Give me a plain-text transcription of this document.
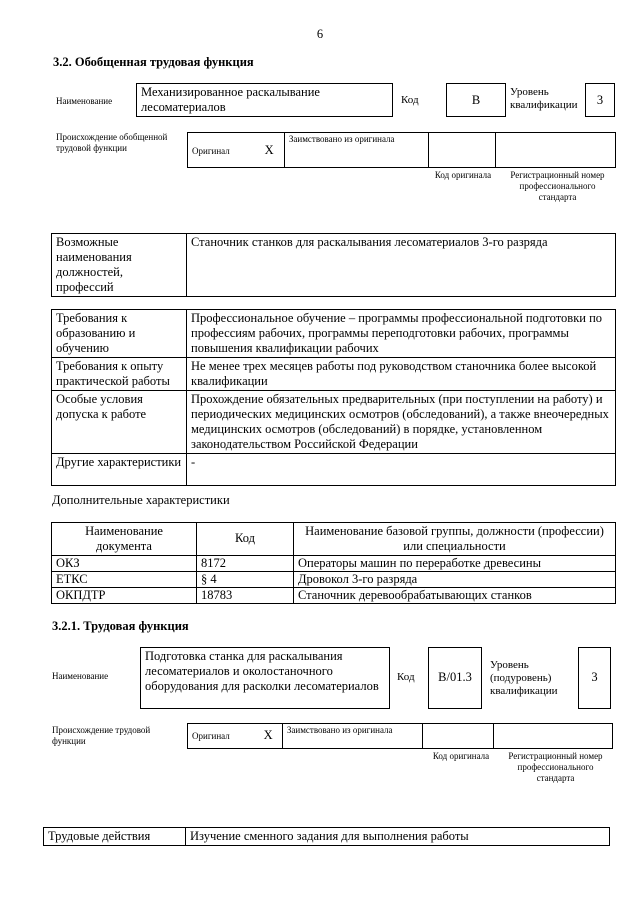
6
3.2. Обобщенная трудовая функция
Наименование
Механизированное раскалывание лесоматериалов	Код	B
Уровень квалификации	3
Происхождение обобщенной трудовой функции	Оригинал	X	Заимствовано из оригинала		
Код оригинала	Регистрационный номер профессионального стандарта
Возможные наименования должностей, профессий	Станочник станков для раскалывания лесоматериалов 3-го разряда
Требования к образованию и обучению	Профессиональное обучение – программы профессиональной подготовки по профессиям рабочих, программы переподготовки рабочих, программы повышения квалификации рабочих
Требования к опыту практической работы	Не менее трех месяцев работы под руководством станочника более высокой квалификации
Особые условия допуска к работе	Прохождение обязательных предварительных (при поступлении на работу) и периодических медицинских осмотров (обследований), а также внеочередных медицинских осмотров (обследований) в порядке, установленном законодательством Российской Федерации
Другие характеристики	-
Дополнительные характеристики
Наименование документа	Код	Наименование базовой группы, должности (профессии) или специальности
ОКЗ	8172	Операторы машин по переработке древесины
ЕТКС	§ 4	Дровокол 3-го разряда
ОКПДТР	18783	Станочник деревообрабатывающих станков
3.2.1. Трудовая функция
Наименование
Подготовка станка для раскалывания лесоматериалов и околостаночного оборудования для расколки лесоматериалов
Код	B/01.3
Уровень (подуровень) квалификации
3
Происхождение трудовой функции	Оригинал	X	Заимствовано из оригинала		
Код оригинала	Регистрационный номер профессионального стандарта
Трудовые действия	Изучение сменного задания для выполнения работы
